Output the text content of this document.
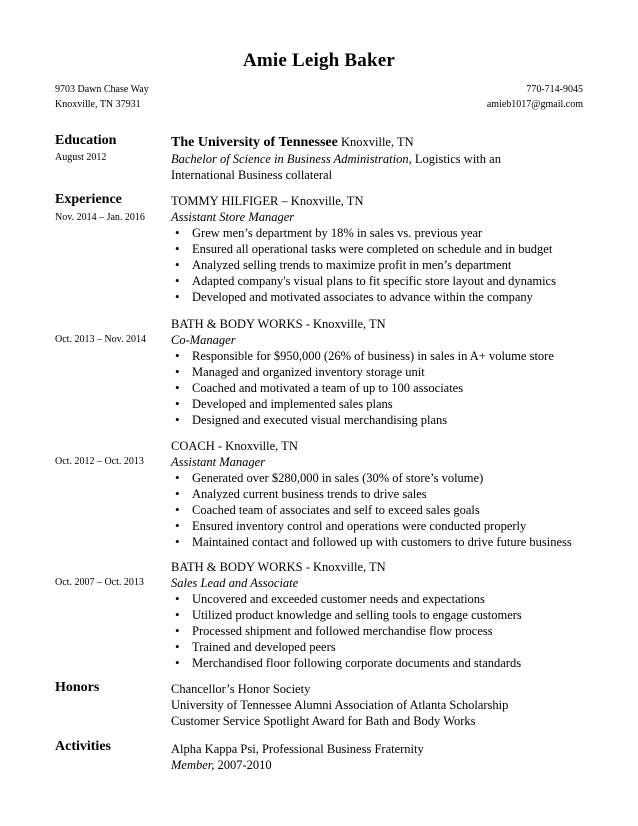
Amie Leigh Baker
9703 Dawn Chase Way
Knoxville, TN 37931
770-714-9045
amieb1017@gmail.com
Education
August 2012

The University of Tennessee Knoxville, TN

Bachelor of Science in Business Administration, Logistics with an

International Business collateral

Experience
Nov. 2014 – Jan. 2016

TOMMY HILFIGER – Knoxville, TN

Assistant Store Manager

• Grew men’s department by 18% in sales vs. previous year
• Ensured all operational tasks were completed on schedule and in budget
• Analyzed selling trends to maximize profit in men’s department
• Adapted company's visual plans to fit specific store layout and dynamics
• Developed and motivated associates to advance within the company
Oct. 2013 – Nov. 2014

BATH & BODY WORKS - Knoxville, TN

Co-Manager

• Responsible for $950,000 (26% of business) in sales in A+ volume store
• Managed and organized inventory storage unit
• Coached and motivated a team of up to 100 associates
• Developed and implemented sales plans
• Designed and executed visual merchandising plans
Oct. 2012 – Oct. 2013

COACH - Knoxville, TN

Assistant Manager

• Generated over $280,000 in sales (30% of store’s volume)
• Analyzed current business trends to drive sales
• Coached team of associates and self to exceed sales goals
• Ensured inventory control and operations were conducted properly
• Maintained contact and followed up with customers to drive future business
Oct. 2007 – Oct. 2013

BATH & BODY WORKS - Knoxville, TN

Sales Lead and Associate

• Uncovered and exceeded customer needs and expectations
• Utilized product knowledge and selling tools to engage customers
• Processed shipment and followed merchandise flow process
• Trained and developed peers
• Merchandised floor following corporate documents and standards
Honors	Chancellor’s Honor Society

University of Tennessee Alumni Association of Atlanta Scholarship

Customer Service Spotlight Award for Bath and Body Works

Activities	Alpha Kappa Psi, Professional Business Fraternity

Member, 2007-2010
